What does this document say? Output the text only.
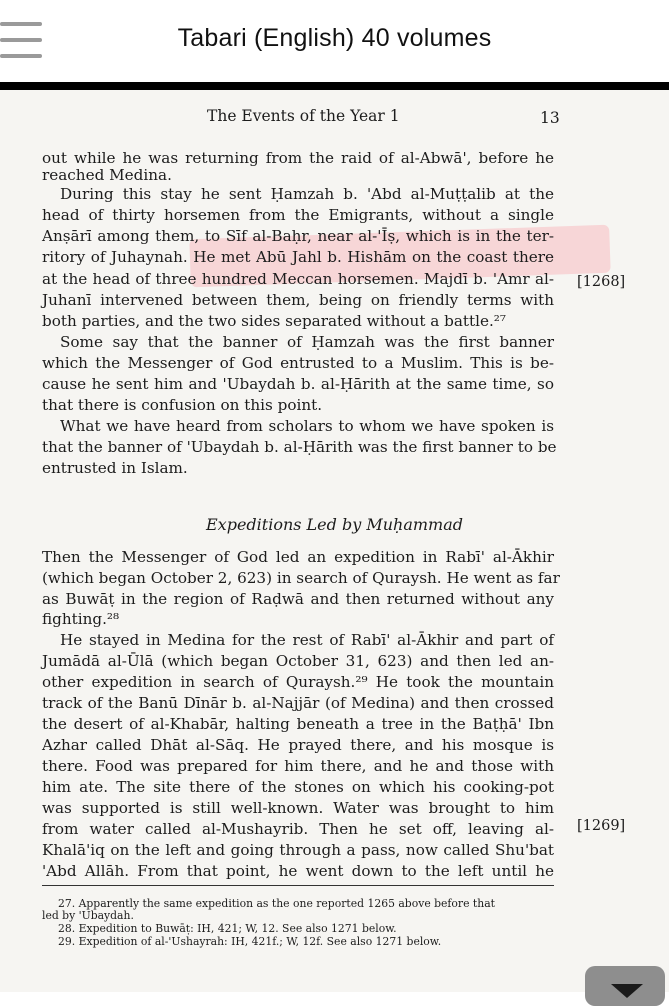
Tabari (English) 40 volumes
The Events of the Year 1	13
out while he was returning from the raid of al-Abwā', before he
reached Medina.
During this stay he sent Ḥamzah b. 'Abd al-Muṭṭalib at the
head of thirty horsemen from the Emigrants, without a single
Anṣārī among them, to Sīf al-Baḥr, near al-'Īṣ, which is in the ter-
ritory of Juhaynah. He met Abū Jahl b. Hishām on the coast there
at the head of three hundred Meccan horsemen. Majdī b. 'Amr al-
Juhanī intervened between them, being on friendly terms with
both parties, and the two sides separated without a battle.²⁷
[1268]
Some say that the banner of Ḥamzah was the first banner
which the Messenger of God entrusted to a Muslim. This is be-
cause he sent him and 'Ubaydah b. al-Ḥārith at the same time, so
that there is confusion on this point.
What we have heard from scholars to whom we have spoken is
that the banner of 'Ubaydah b. al-Ḥārith was the first banner to be
entrusted in Islam.
Expeditions Led by Muḥammad
Then the Messenger of God led an expedition in Rabī' al-Ākhir
(which began October 2, 623) in search of Quraysh. He went as far
as Buwāṭ in the region of Raḍwā and then returned without any
fighting.²⁸
He stayed in Medina for the rest of Rabī' al-Ākhir and part of
Jumādā al-Ūlā (which began October 31, 623) and then led an-
other expedition in search of Quraysh.²⁹ He took the mountain
track of the Banū Dīnār b. al-Najjār (of Medina) and then crossed
the desert of al-Khabār, halting beneath a tree in the Baṭḥā' Ibn
Azhar called Dhāt al-Sāq. He prayed there, and his mosque is
there. Food was prepared for him there, and he and those with
him ate. The site there of the stones on which his cooking-pot
was supported is still well-known. Water was brought to him
from water called al-Mushayrib. Then he set off, leaving al-
Khalā'iq on the left and going through a pass, now called Shu'bat
'Abd Allāh. From that point, he went down to the left until he
[1269]
27. Apparently the same expedition as the one reported 1265 above before that
led by 'Ubaydah.
28. Expedition to Buwāṭ: IH, 421; W, 12. See also 1271 below.
29. Expedition of al-'Ushayrah: IH, 421f.; W, 12f. See also 1271 below.
